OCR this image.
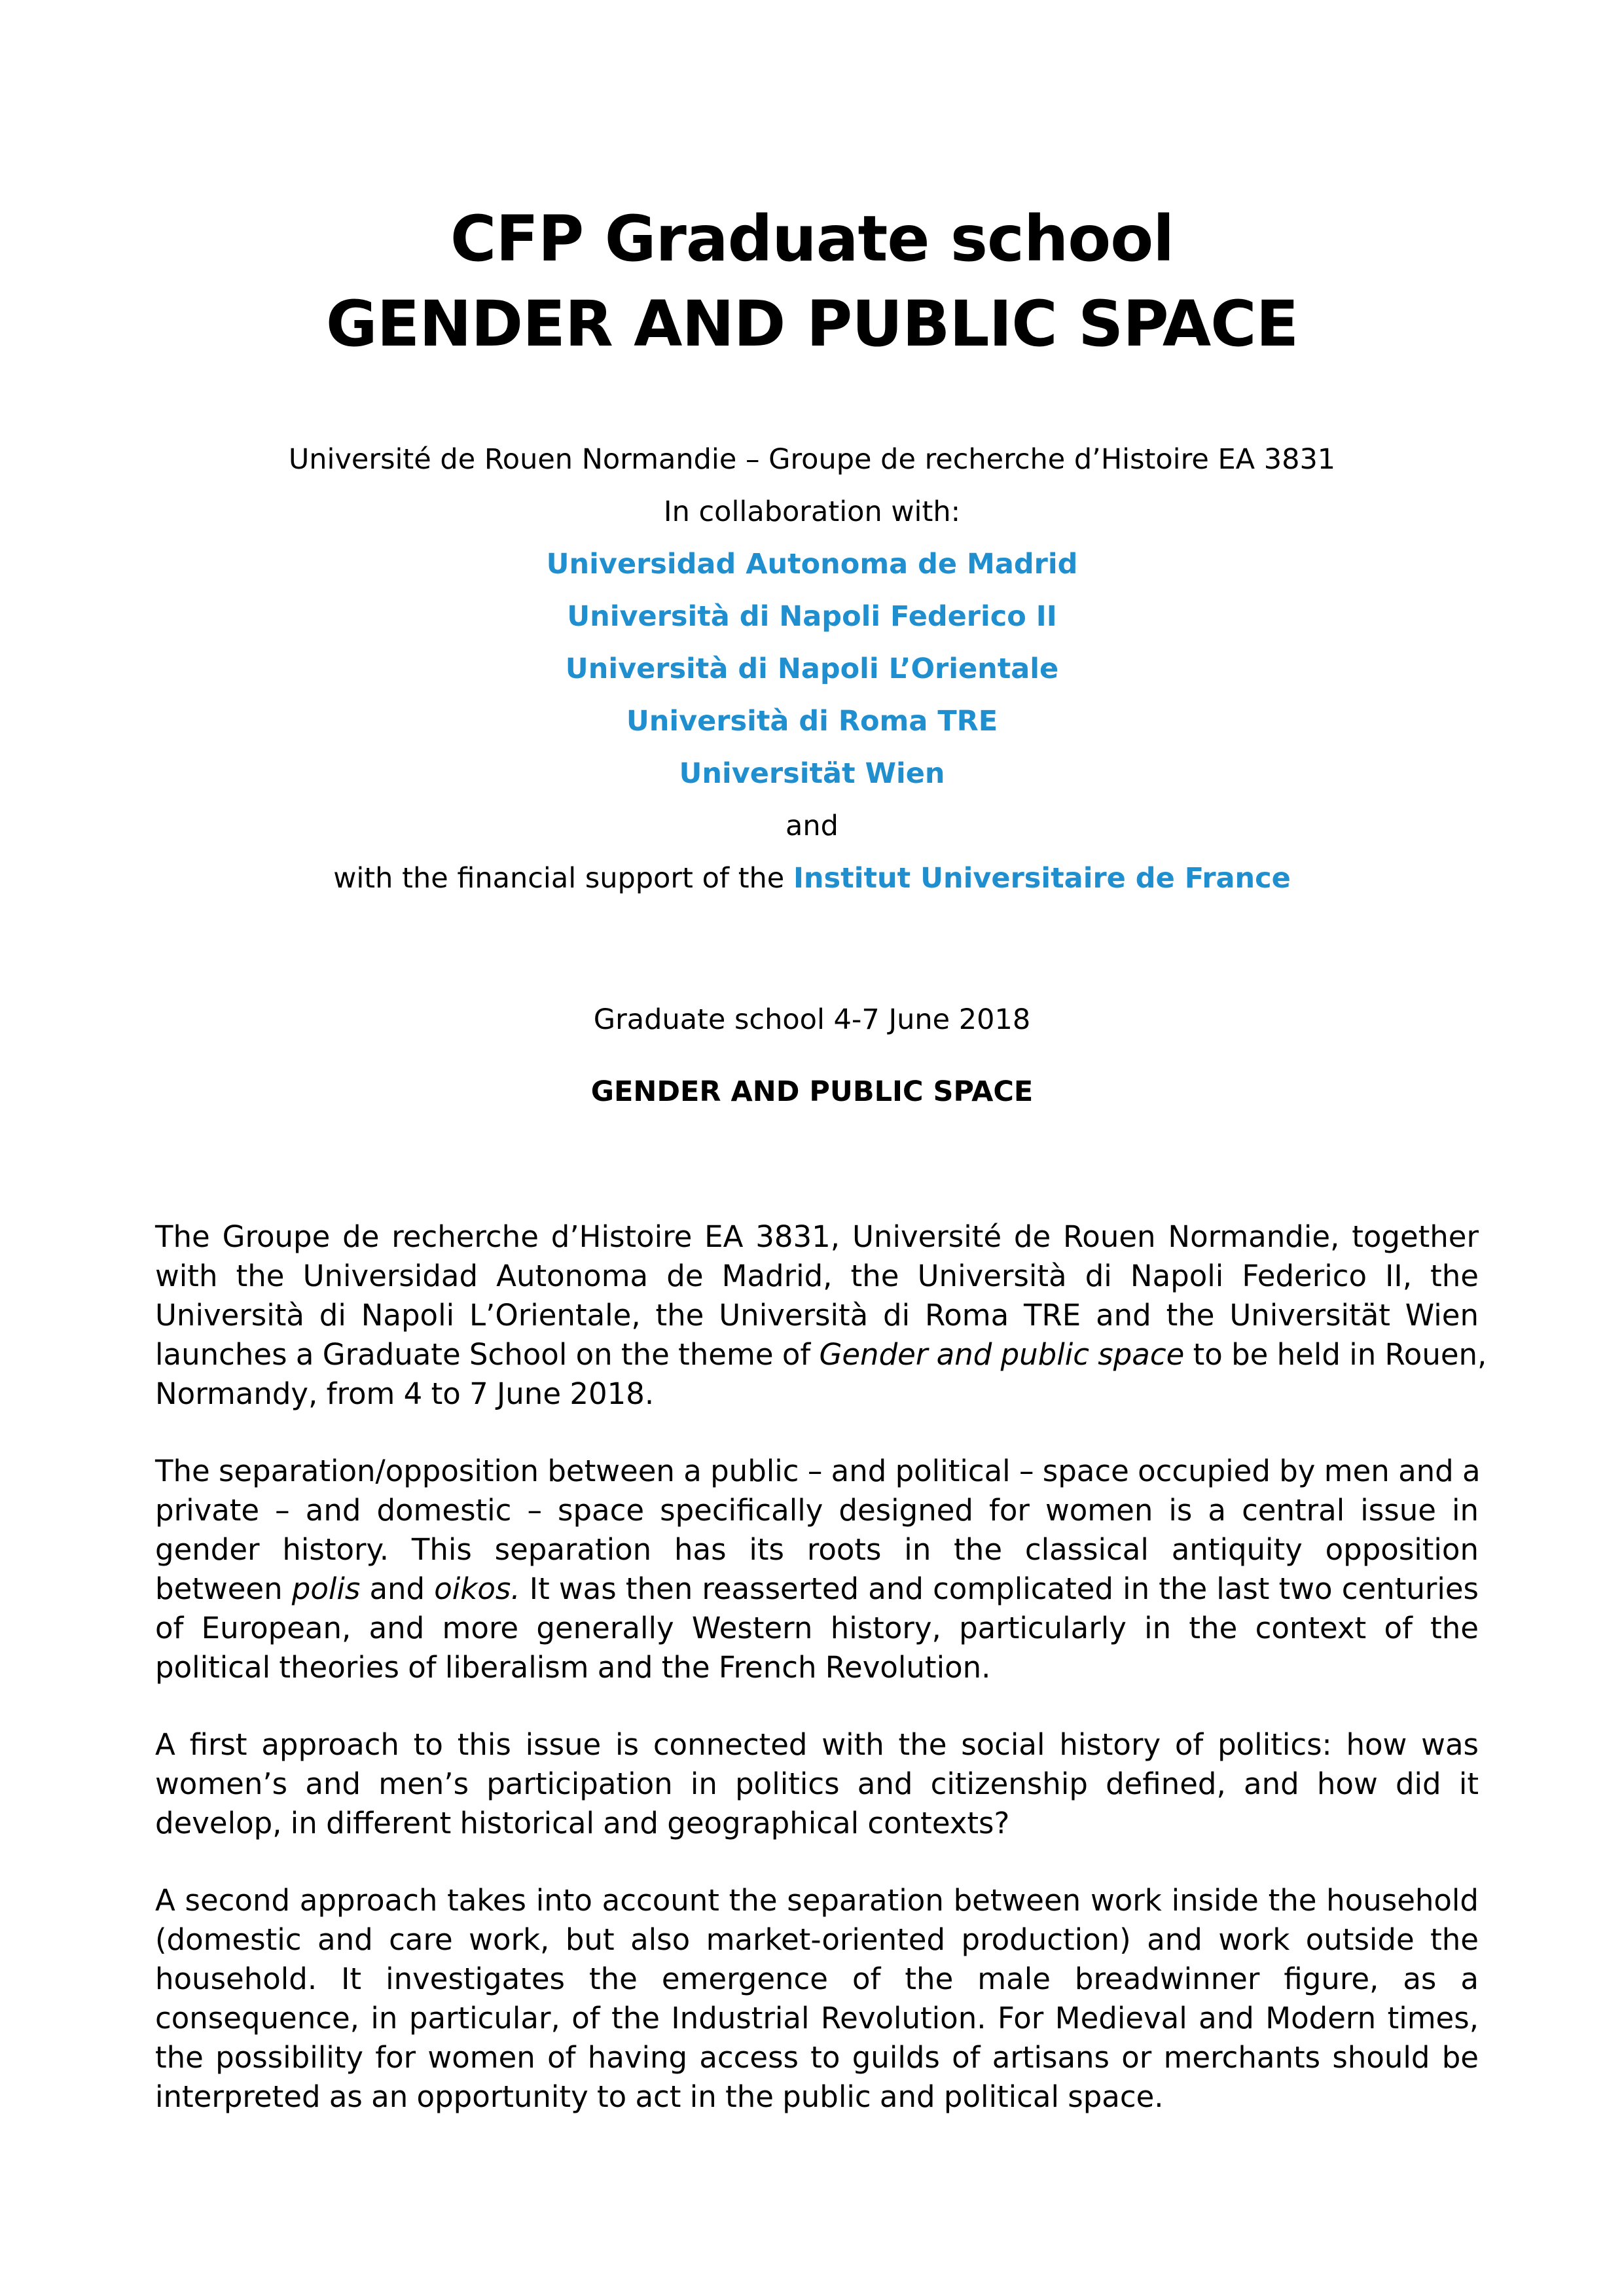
CFP Graduate school
GENDER AND PUBLIC SPACE

Université de Rouen Normandie – Groupe de recherche d’Histoire EA 3831

In collaboration with:

Universidad Autonoma de Madrid

Università di Napoli Federico II

Università di Napoli L’Orientale

Università di Roma TRE

Universität Wien

and

with the financial support of the Institut Universitaire de France

Graduate school 4-7 June 2018

GENDER AND PUBLIC SPACE

The Groupe de recherche d’Histoire EA 3831, Université de Rouen Normandie, together
with the Universidad Autonoma de Madrid, the Università di Napoli Federico II, the
Università di Napoli L’Orientale, the Università di Roma TRE and the Universität Wien
launches a Graduate School on the theme of Gender and public space to be held in Rouen,
Normandy, from 4 to 7 June 2018.
The separation/opposition between a public – and political – space occupied by men and a
private – and domestic – space specifically designed for women is a central issue in
gender history. This separation has its roots in the classical antiquity opposition
between polis and oikos. It was then reasserted and complicated in the last two centuries
of European, and more generally Western history, particularly in the context of the
political theories of liberalism and the French Revolution.
A first approach to this issue is connected with the social history of politics: how was
women’s and men’s participation in politics and citizenship defined, and how did it
develop, in different historical and geographical contexts?
A second approach takes into account the separation between work inside the household
(domestic and care work, but also market-oriented production) and work outside the
household. It investigates the emergence of the male breadwinner figure, as a
consequence, in particular, of the Industrial Revolution. For Medieval and Modern times,
the possibility for women of having access to guilds of artisans or merchants should be
interpreted as an opportunity to act in the public and political space.
